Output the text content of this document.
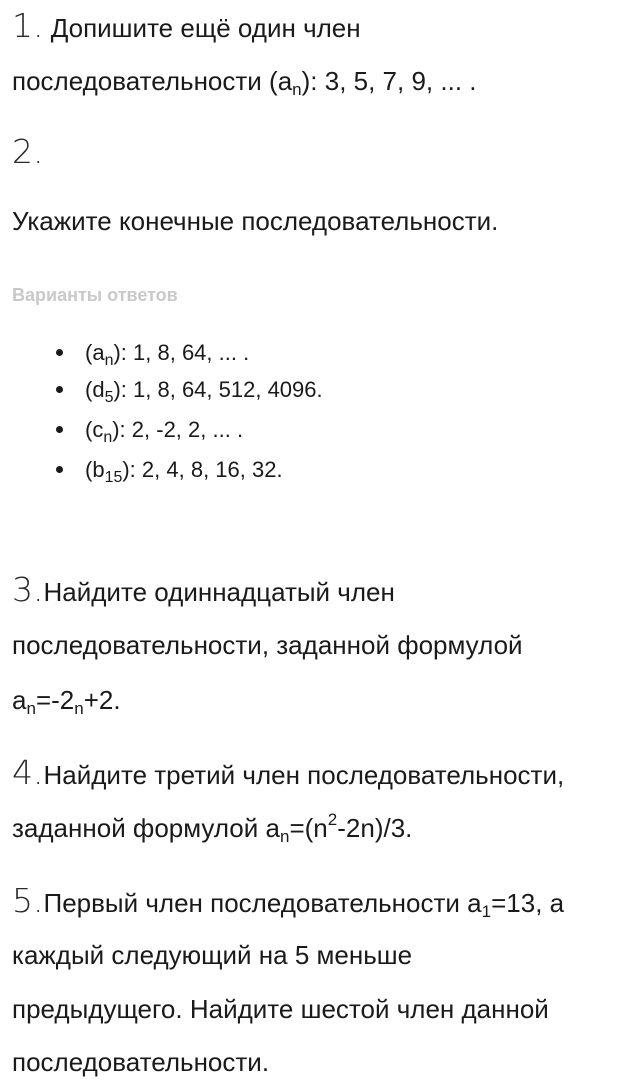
1. Допишите ещё один член
последовательности $(a_n)$: 3, 5, 7, 9, ... .
2.
Укажите конечные последовательности.
Варианты ответов
$(a_n)$: 1, 8, 64, ... .
$(d_5)$: 1, 8, 64, 512, 4096.
$(c_n)$: 2, -2, 2, ... .
$(b_{15})$: 2, 4, 8, 16, 32.
3.Найдите одиннадцатый член
последовательности, заданной формулой
$a_n=-2_n+2$.
4.Найдите третий член последовательности,
заданной формулой $a_n=(n^2-2n)/3$.
5.Первый член последовательности $a_1=13$, а
каждый следующий на 5 меньше
предыдущего. Найдите шестой член данной
последовательности.
